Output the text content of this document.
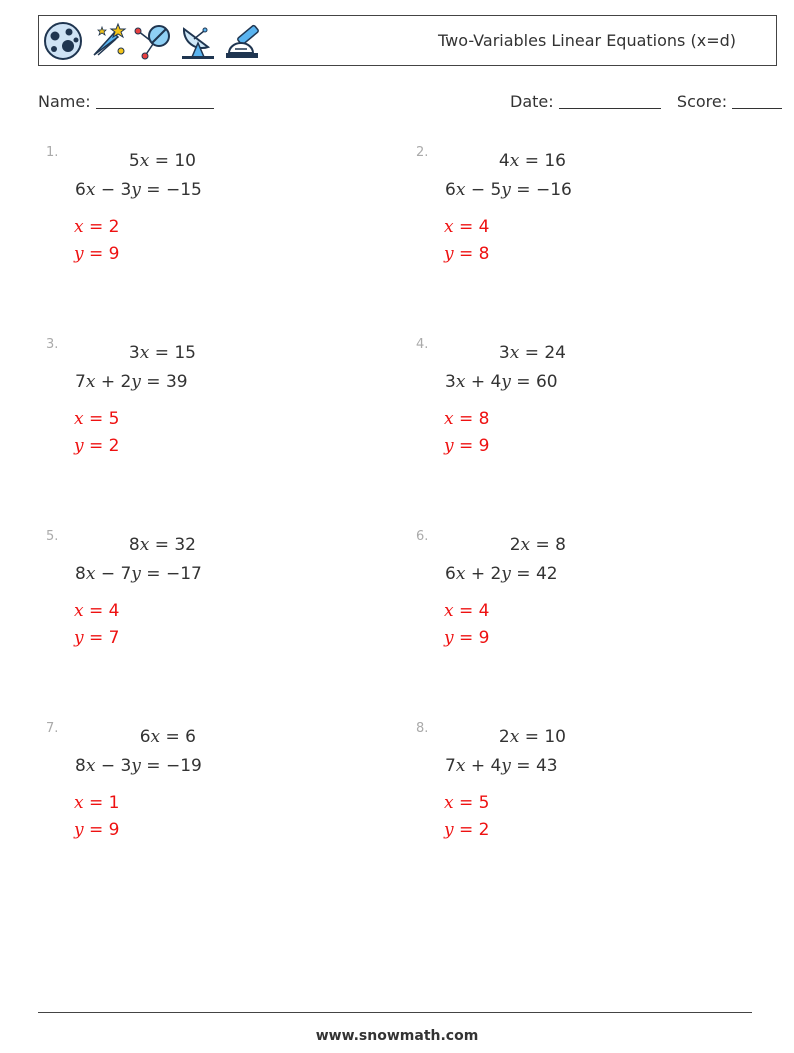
Two-Variables Linear Equations (x=d)
Name:	Date:	Score:
1.	5x = 10
6x − 3y = −15
x = 2
y = 9
2.	4x = 16
6x − 5y = −16
x = 4
y = 8
3.	3x = 15
7x + 2y = 39
x = 5
y = 2
4.	3x = 24
3x + 4y = 60
x = 8
y = 9
5.	8x = 32
8x − 7y = −17
x = 4
y = 7
6.	2x = 8
6x + 2y = 42
x = 4
y = 9
7.	6x = 6
8x − 3y = −19
x = 1
y = 9
8.	2x = 10
7x + 4y = 43
x = 5
y = 2
www.snowmath.com
